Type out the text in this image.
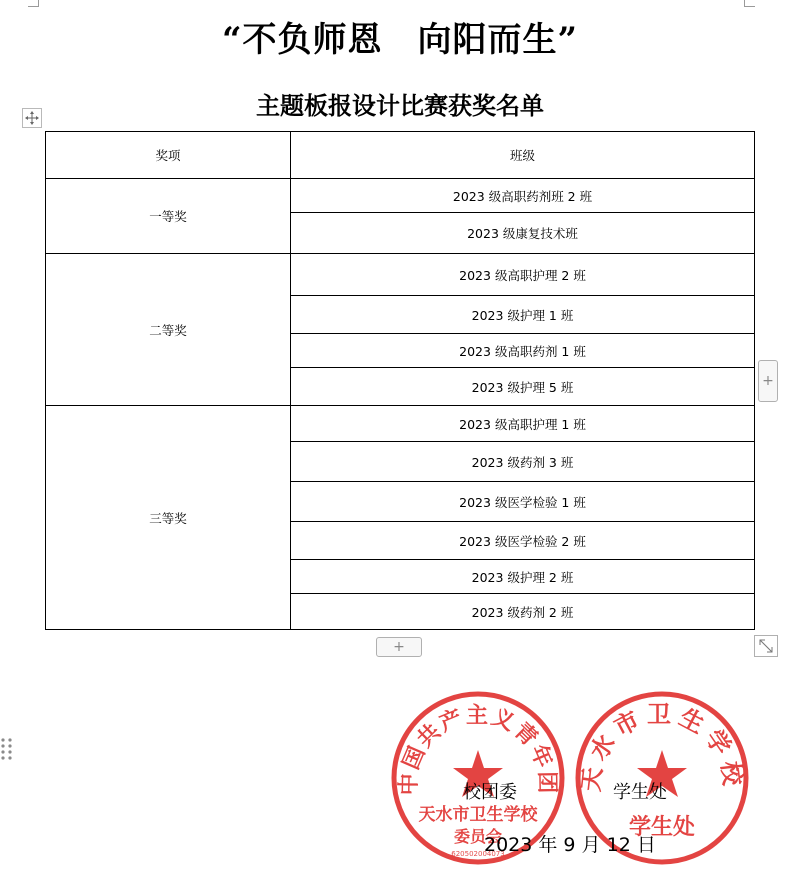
“不负师恩　向阳而生”
主题板报设计比赛获奖名单
奖项	班级
一等奖	2023 级高职药剂班 2 班
	2023 级康复技术班
二等奖	2023 级高职护理 2 班
	2023 级护理 1 班
	2023 级高职药剂 1 班
	2023 级护理 5 班
三等奖	2023 级高职护理 1 班
	2023 级药剂 3 班
	2023 级医学检验 1 班
	2023 级医学检验 2 班
	2023 级护理 2 班
	2023 级药剂 2 班
+
+
中国共产主义青年团
天水市卫生学校
委员会
620502004073
天水市卫生学校
学生处
校团委	学生处
2023 年 9 月 12 日
